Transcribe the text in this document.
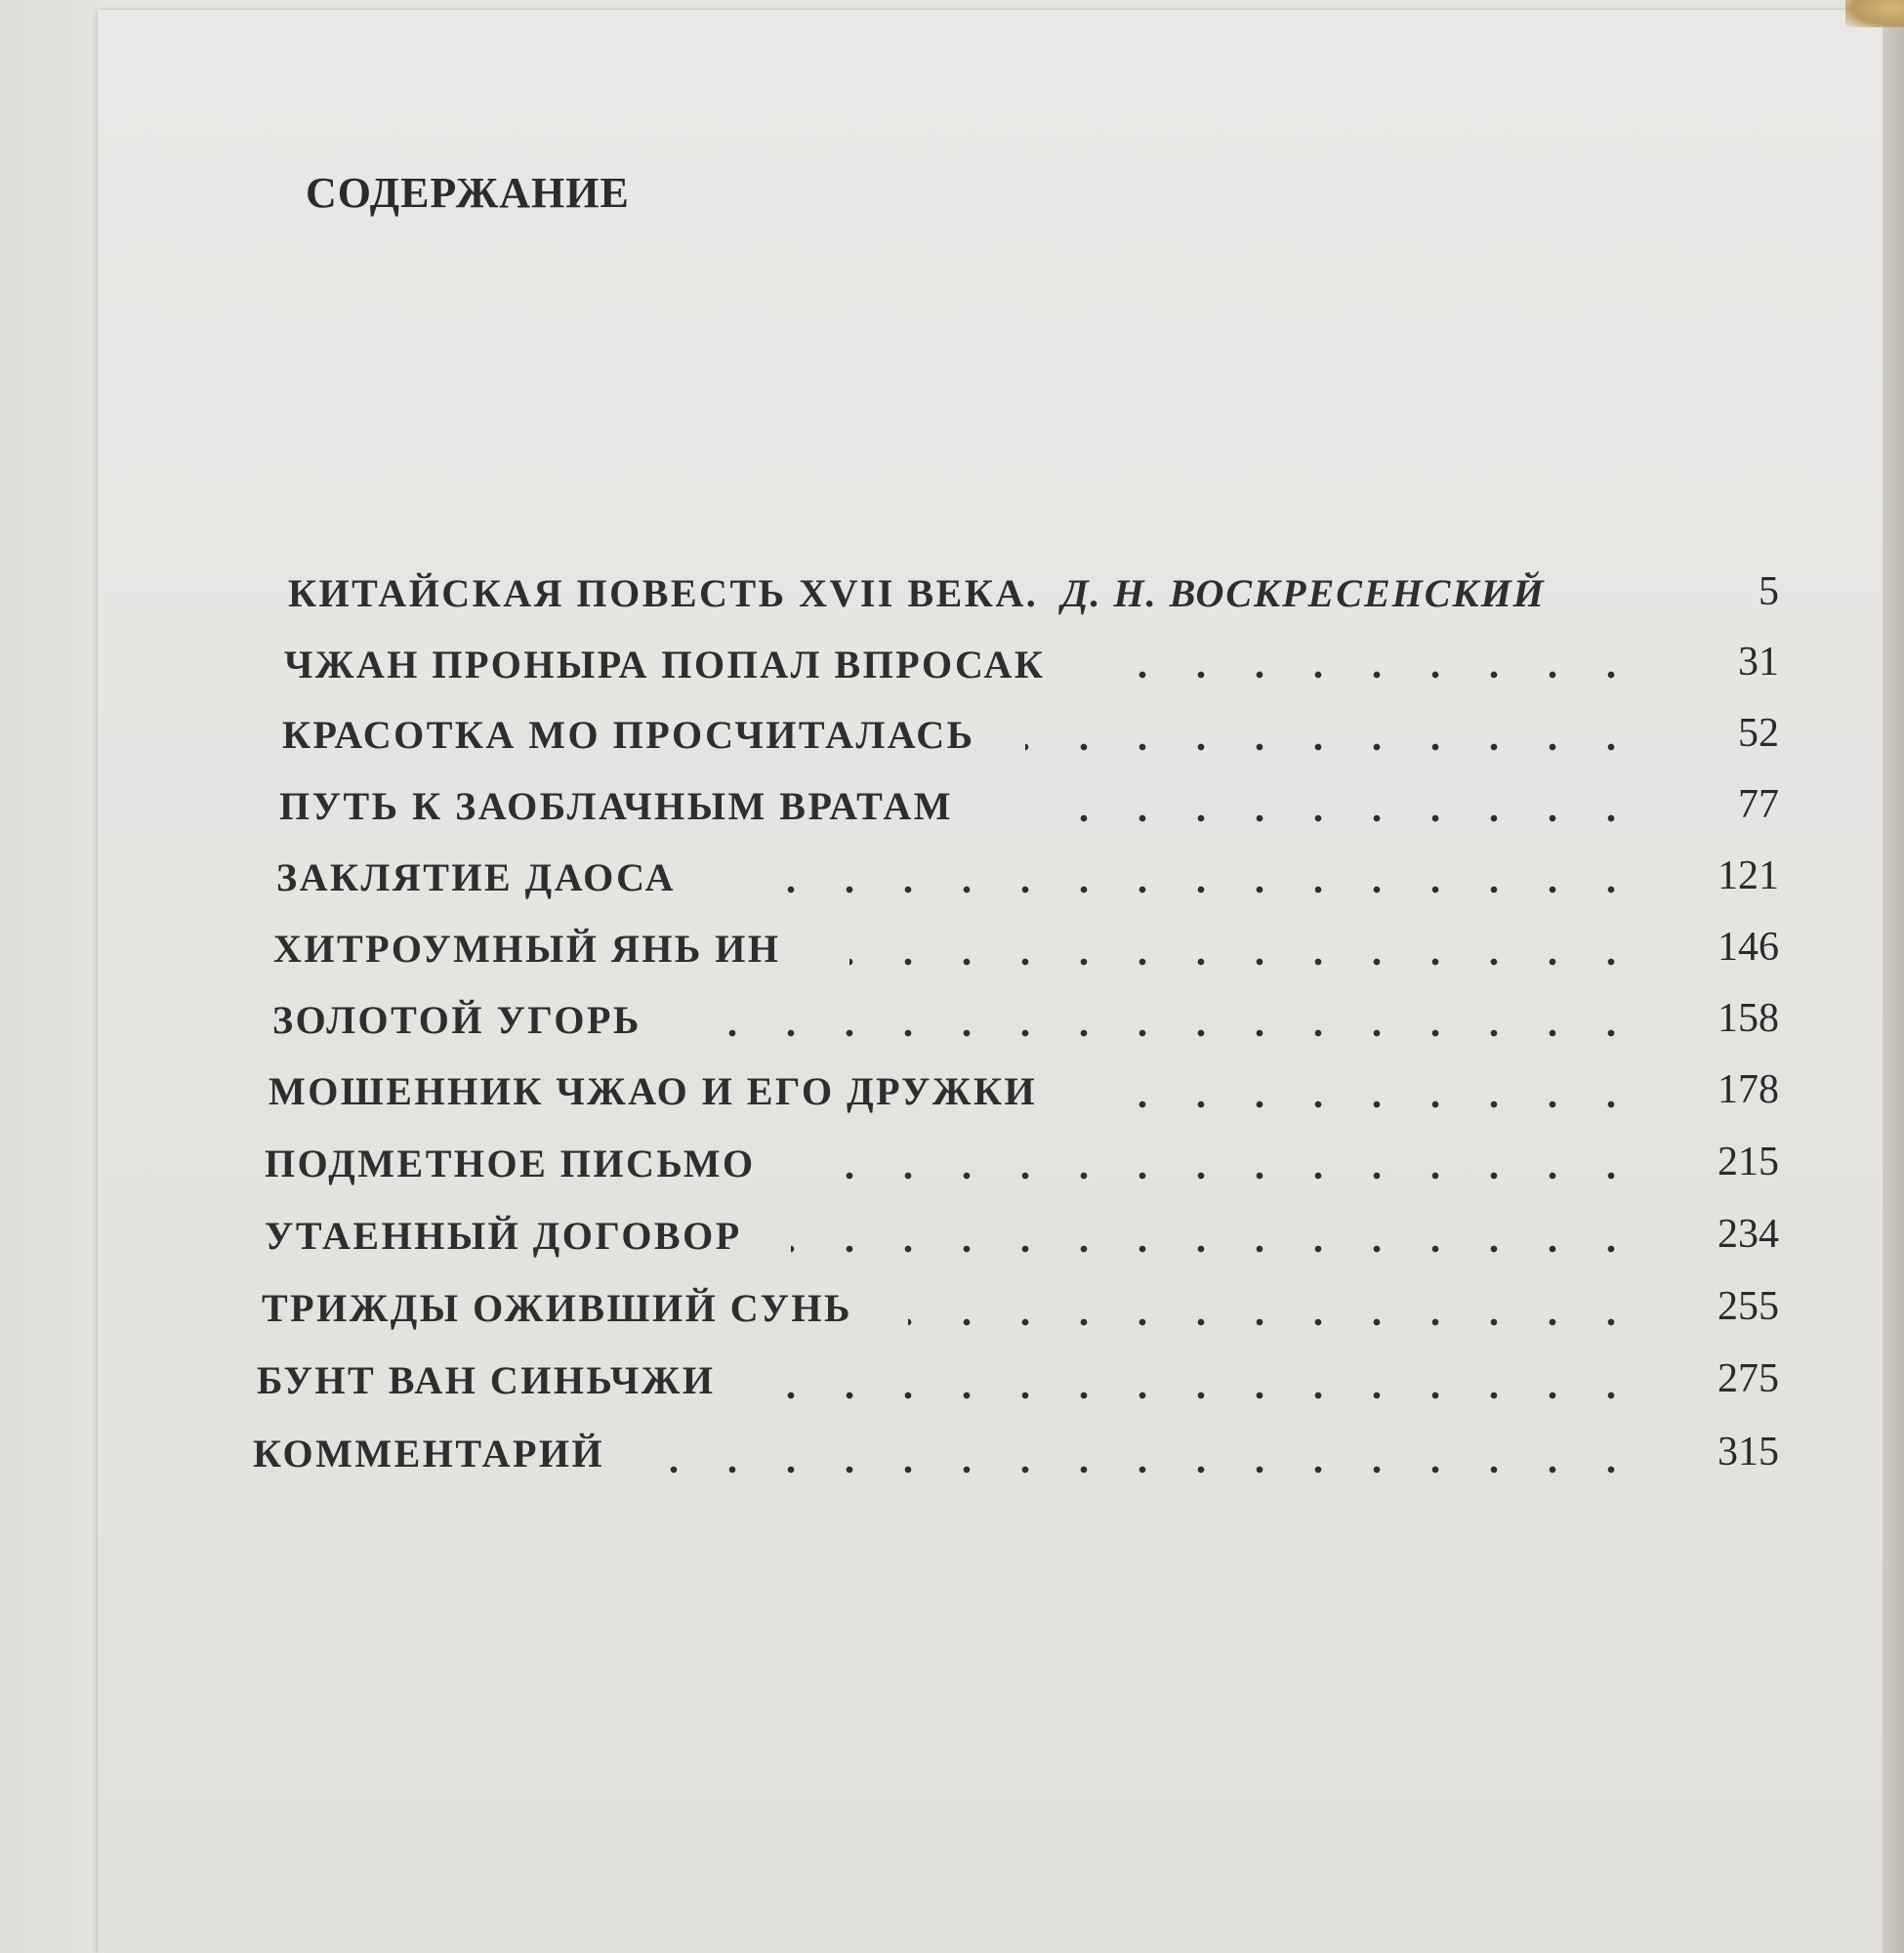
СОДЕРЖАНИЕ
КИТАЙСКАЯ ПОВЕСТЬ XVII ВЕКА. Д. Н. ВОСКРЕСЕНСКИЙ	5
ЧЖАН ПРОНЫРА ПОПАЛ ВПРОСАК	31
КРАСОТКА МО ПРОСЧИТАЛАСЬ	52
ПУТЬ К ЗАОБЛАЧНЫМ ВРАТАМ	77
ЗАКЛЯТИЕ ДАОСА	121
ХИТРОУМНЫЙ ЯНЬ ИН	146
ЗОЛОТОЙ УГОРЬ	158
МОШЕННИК ЧЖАО И ЕГО ДРУЖКИ	178
ПОДМЕТНОЕ ПИСЬМО	215
УТАЕННЫЙ ДОГОВОР	234
ТРИЖДЫ ОЖИВШИЙ СУНЬ	255
БУНТ ВАН СИНЬЧЖИ	275
КОММЕНТАРИЙ	315
